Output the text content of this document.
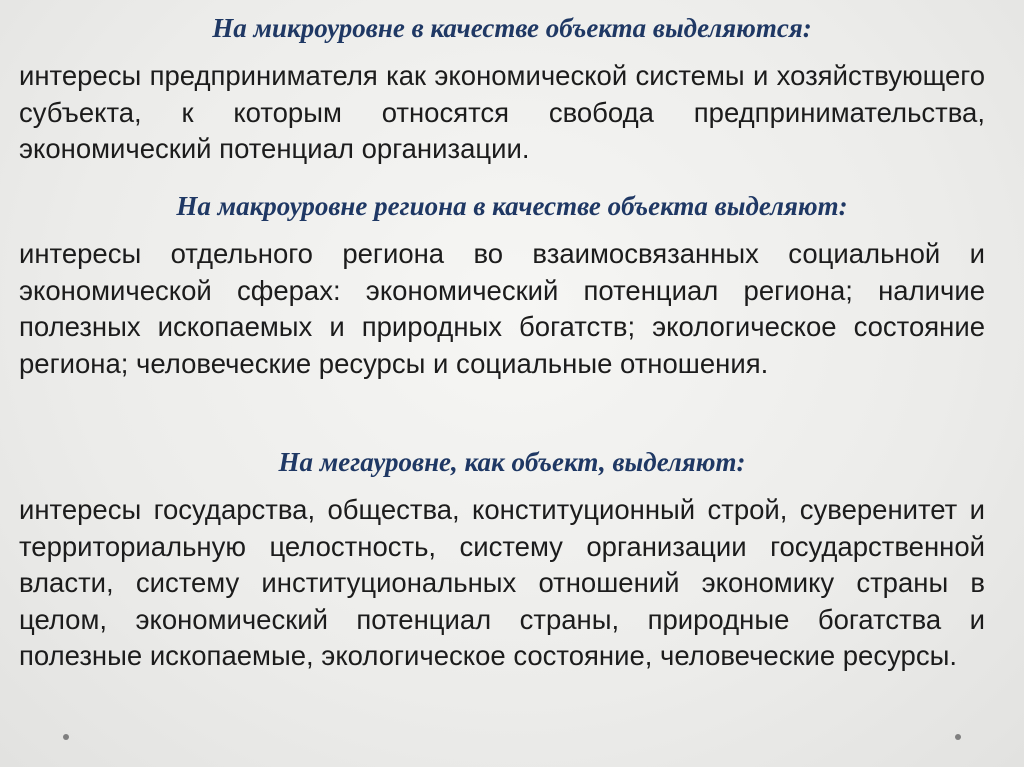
На микроуровне в качестве объекта выделяются:

интересы предпринимателя как экономической системы и хозяйствующего субъекта, к которым относятся свобода предпринимательства, экономический потенциал организации.

На макроуровне региона в качестве объекта выделяют:

интересы отдельного региона во взаимосвязанных социальной и экономической сферах: экономический потенциал региона; наличие полезных ископаемых и природных богатств; экологическое состояние региона; человеческие ресурсы и социальные отношения.

На мегауровне, как объект, выделяют:

интересы государства, общества, конституционный строй, суверенитет и территориальную целостность, систему организации государственной власти, систему институциональных отношений экономику страны в целом, экономический потенциал страны, природные богатства и полезные ископаемые, экологическое состояние, человеческие ресурсы.
